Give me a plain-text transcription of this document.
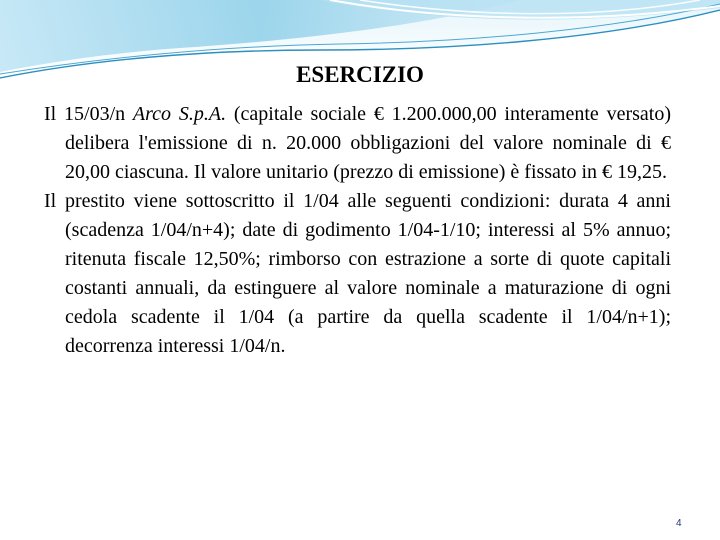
ESERCIZIO

Il 15/03/n Arco S.p.A. (capitale sociale € 1.200.000,00 interamente versato) delibera l'emissione di n. 20.000 obbligazioni del valore nominale di € 20,00 ciascuna. Il valore unitario (prezzo di emissione) è fissato in € 19,25.

Il prestito viene sottoscritto il 1/04 alle seguenti condizioni: durata 4 anni (scadenza 1/04/n+4); date di godimento 1/04-1/10; interessi al 5% annuo; ritenuta fiscale 12,50%; rimborso con estrazione a sorte di quote capitali costanti annuali, da estinguere al valore nominale a maturazione di ogni cedola scadente il 1/04 (a partire da quella scadente il 1/04/n+1); decorrenza interessi 1/04/n.

4
